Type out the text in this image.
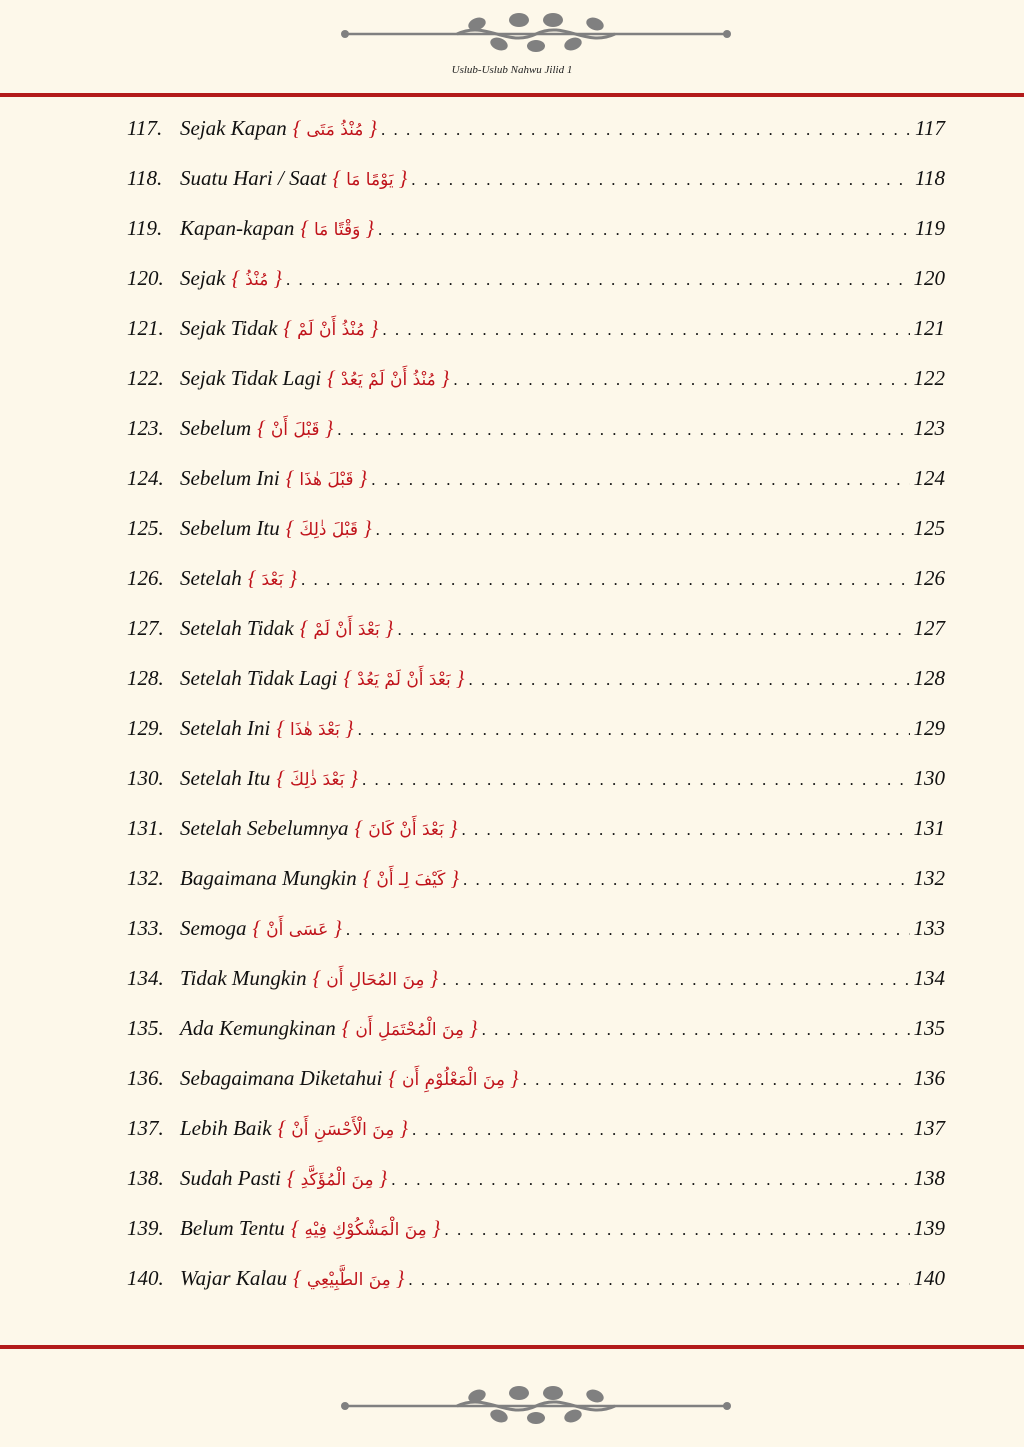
Uslub-Uslub Nahwu Jilid 1
117. Sejak Kapan { مُنْذُ مَتَى } . . .	117
118. Suatu Hari / Saat { يَوْمًا مَا } . . .	118
119. Kapan-kapan { وَقْتًا مَا } . . .	119
120. Sejak { مُنْذُ } . . .	120
121. Sejak Tidak { مُنْذُ أَنْ لَمْ } . . .	121
122. Sejak Tidak Lagi { مُنْذُ أَنْ لَمْ يَعُدْ } . . .	122
123. Sebelum { قَبْلَ أَنْ } . . .	123
124. Sebelum Ini { قَبْلَ هٰذَا } . . .	124
125. Sebelum Itu { قَبْلَ ذٰلِكَ } . . .	125
126. Setelah { بَعْدَ } . . .	126
127. Setelah Tidak { بَعْدَ أَنْ لَمْ } . . .	127
128. Setelah Tidak Lagi { بَعْدَ أَنْ لَمْ يَعُدْ } . . .	128
129. Setelah Ini { بَعْدَ هٰذَا } . . .	129
130. Setelah Itu { بَعْدَ ذٰلِكَ } . . .	130
131. Setelah Sebelumnya { بَعْدَ أَنْ كَانَ } . . .	131
132. Bagaimana Mungkin { كَيْفَ لِـ أَنْ } . . .	132
133. Semoga { عَسَى أَنْ } . . .	133
134. Tidak Mungkin { مِنَ المُحَالِ أَن } . . .	134
135. Ada Kemungkinan { مِنَ الْمُحْتَمَلِ أَن } . . .	135
136. Sebagaimana Diketahui { مِنَ الْمَعْلُوْمِ أَن } . . .	136
137. Lebih Baik { مِنَ الْأَحْسَنِ أَنْ } . . .	137
138. Sudah Pasti { مِنَ الْمُؤَكَّدِ } . . .	138
139. Belum Tentu { مِنَ الْمَشْكُوْكِ فِيْهِ } . . .	139
140. Wajar Kalau { مِنَ الطَّبِيْعِي } . . .	140
